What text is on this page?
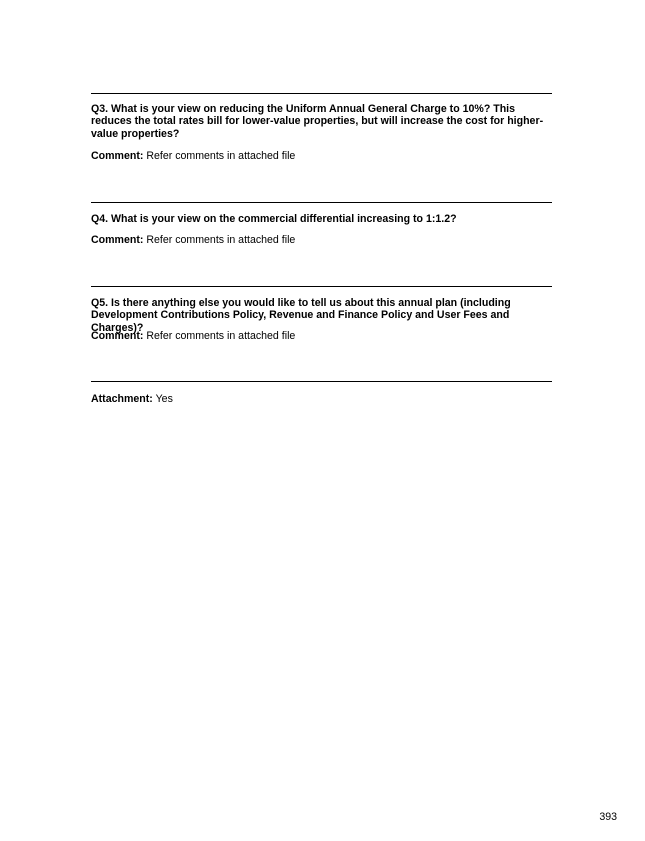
Q3. What is your view on reducing the Uniform Annual General Charge to 10%? This reduces the total rates bill for lower-value properties, but will increase the cost for higher-value properties?

Comment: Refer comments in attached file

Q4. What is your view on the commercial differential increasing to 1:1.2?

Comment: Refer comments in attached file

Q5. Is there anything else you would like to tell us about this annual plan (including Development Contributions Policy, Revenue and Finance Policy and User Fees and Charges)?

Comment: Refer comments in attached file

Attachment: Yes

393
